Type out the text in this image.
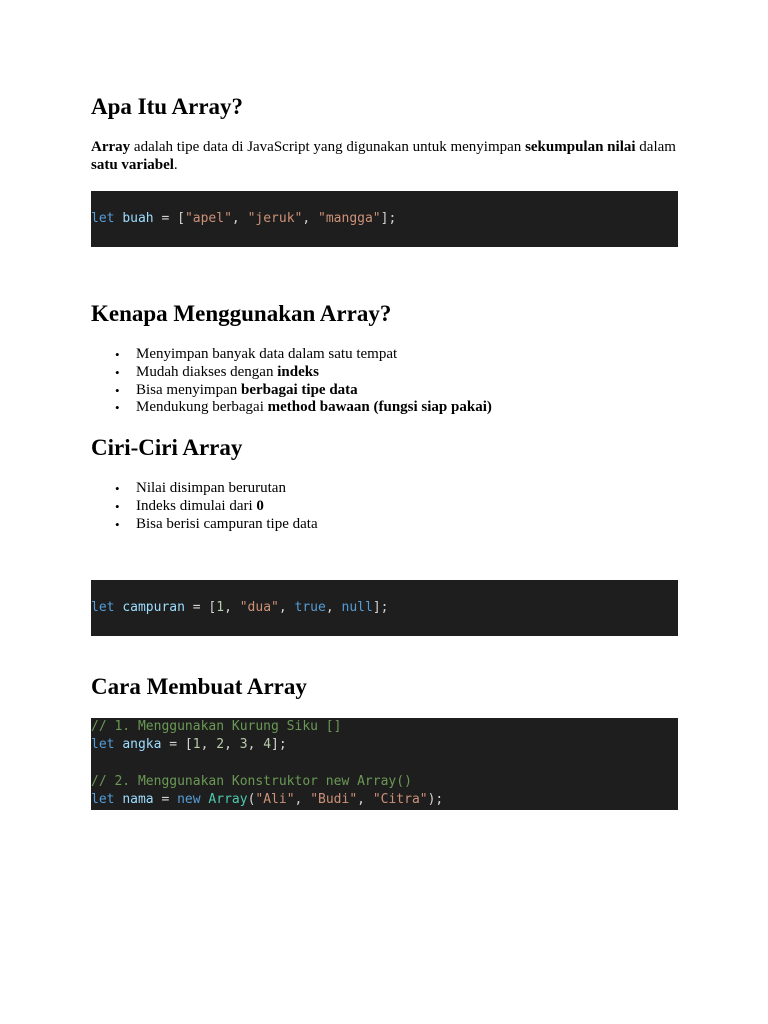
Apa Itu Array?

Array adalah tipe data di JavaScript yang digunakan untuk menyimpan sekumpulan nilai dalam satu variabel.

let buah = ["apel", "jeruk", "mangga"];
Kenapa Menggunakan Array?
• Menyimpan banyak data dalam satu tempat
• Mudah diakses dengan indeks
• Bisa menyimpan berbagai tipe data
• Mendukung berbagai method bawaan (fungsi siap pakai)
Ciri-Ciri Array
• Nilai disimpan berurutan
• Indeks dimulai dari 0
• Bisa berisi campuran tipe data
let campuran = [1, "dua", true, null];
Cara Membuat Array
// 1. Menggunakan Kurung Siku []
let angka = [1, 2, 3, 4];
// 2. Menggunakan Konstruktor new Array()
let nama = new Array("Ali", "Budi", "Citra");
